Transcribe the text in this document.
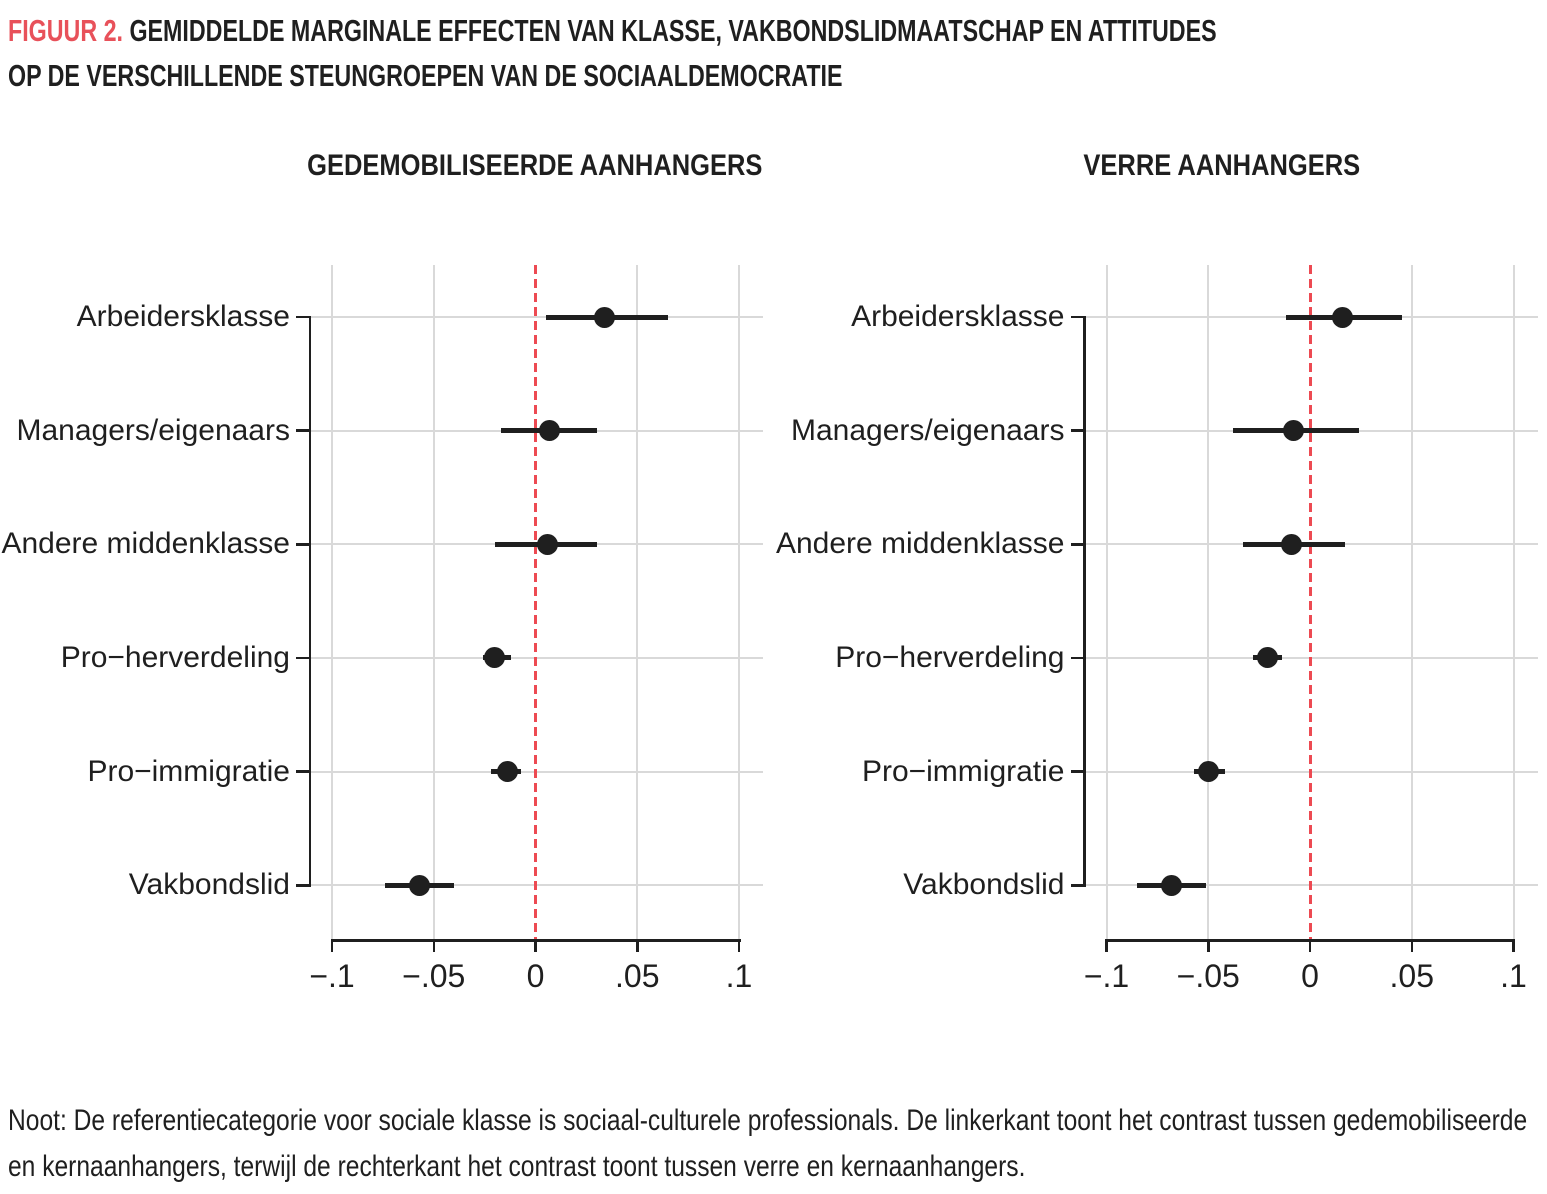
FIGUUR 2. GEMIDDELDE MARGINALE EFFECTEN VAN KLASSE, VAKBONDSLIDMAATSCHAP EN ATTITUDES
OP DE VERSCHILLENDE STEUNGROEPEN VAN DE SOCIAALDEMOCRATIE
GEDEMOBILISEERDE AANHANGERS	VERRE AANHANGERS
Noot: De referentiecategorie voor sociale klasse is sociaal-culturele professionals. De linkerkant toont het contrast tussen gedemobiliseerde en kernaanhangers, terwijl de rechterkant het contrast toont tussen verre en kernaanhangers.
Arbeidersklasse
Managers/eigenaars
Andere middenklasse
Pro−herverdeling
Pro−immigratie
Vakbondslid
−.1	−.05	0	.05	.1
Arbeidersklasse
Managers/eigenaars
Andere middenklasse
Pro−herverdeling
Pro−immigratie
Vakbondslid
−.1	−.05	0	.05	.1
